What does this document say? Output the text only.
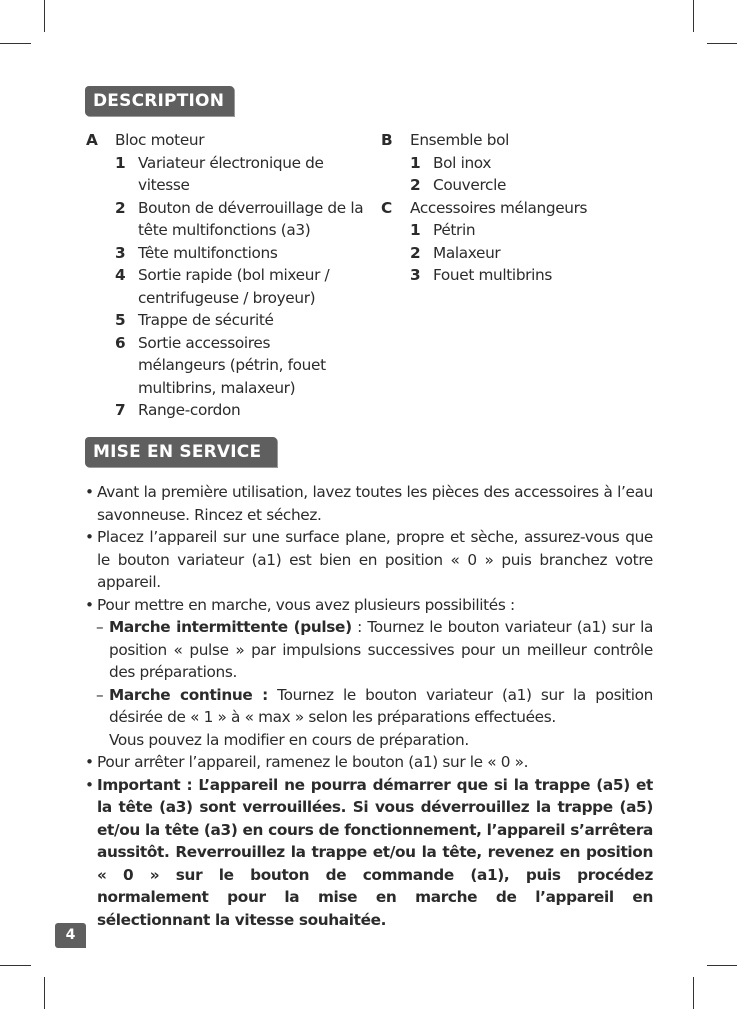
DESCRIPTION
A	Bloc moteur
1 Variateur électronique de vitesse
2 Bouton de déverrouillage de la tête multifonctions (a3)
3 Tête multifonctions
4 Sortie rapide (bol mixeur / centrifugeuse / broyeur)
5 Trappe de sécurité
6 Sortie accessoires mélangeurs (pétrin, fouet multibrins, malaxeur)
7 Range-cordon
B	Ensemble bol
1 Bol inox
2 Couvercle
C	Accessoires mélangeurs
1 Pétrin
2 Malaxeur
3 Fouet multibrins
MISE EN SERVICE
• Avant la première utilisation, lavez toutes les pièces des accessoires à l’eau savonneuse. Rincez et séchez.
• Placez l’appareil sur une surface plane, propre et sèche, assurez-vous que le bouton variateur (a1) est bien en position « 0 » puis branchez votre appareil.
• Pour mettre en marche, vous avez plusieurs possibilités :
– Marche intermittente (pulse) : Tournez le bouton variateur (a1) sur la position « pulse » par impulsions successives pour un meilleur contrôle des préparations.
– Marche continue : Tournez le bouton variateur (a1) sur la position désirée de « 1 » à « max » selon les préparations effectuées.
Vous pouvez la modifier en cours de préparation.
• Pour arrêter l’appareil, ramenez le bouton (a1) sur le « 0 ».
• Important : L’appareil ne pourra démarrer que si la trappe (a5) et la tête (a3) sont verrouillées. Si vous déverrouillez la trappe (a5) et/ou la tête (a3) en cours de fonctionnement, l’appareil s’arrêtera aussitôt. Reverrouillez la trappe et/ou la tête, revenez en position « 0 » sur le bouton de commande (a1), puis procédez normalement pour la mise en marche de l’appareil en sélectionnant la vitesse souhaitée.
4
